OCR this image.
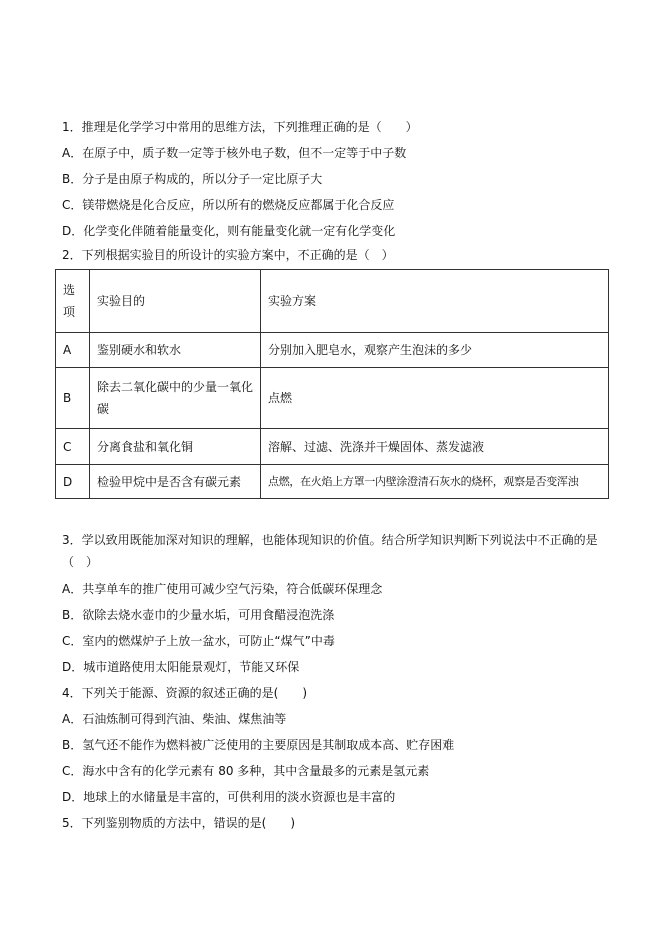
1．推理是化学学习中常用的思维方法，下列推理正确的是（　　）
A．在原子中，质子数一定等于核外电子数，但不一定等于中子数
B．分子是由原子构成的，所以分子一定比原子大
C．镁带燃烧是化合反应，所以所有的燃烧反应都属于化合反应
D．化学变化伴随着能量变化，则有能量变化就一定有化学变化
2．下列根据实验目的所设计的实验方案中，不正确的是（　）
选项	实验目的	实验方案
A	鉴别硬水和软水	分别加入肥皂水，观察产生泡沫的多少
B	除去二氧化碳中的少量一氧化碳	点燃
C	分离食盐和氧化铜	溶解、过滤、洗涤并干燥固体、蒸发滤液
D	检验甲烷中是否含有碳元素	点燃，在火焰上方罩一内壁涂澄清石灰水的烧杯，观察是否变浑浊
3．学以致用既能加深对知识的理解，也能体现知识的价值。结合所学知识判断下列说法中不正确的是（　）
A．共享单车的推广使用可减少空气污染，符合低碳环保理念
B．欲除去烧水壶巾的少量水垢，可用食醋浸泡洗涤
C．室内的燃煤炉子上放一盆水，可防止“煤气”中毒
D．城市道路使用太阳能景观灯，节能又环保
4．下列关于能源、资源的叙述正确的是(　　)
A．石油炼制可得到汽油、柴油、煤焦油等
B．氢气还不能作为燃料被广泛使用的主要原因是其制取成本高、贮存困难
C．海水中含有的化学元素有 80 多种，其中含量最多的元素是氢元素
D．地球上的水储量是丰富的，可供利用的淡水资源也是丰富的
5．下列鉴别物质的方法中，错误的是(　　)
